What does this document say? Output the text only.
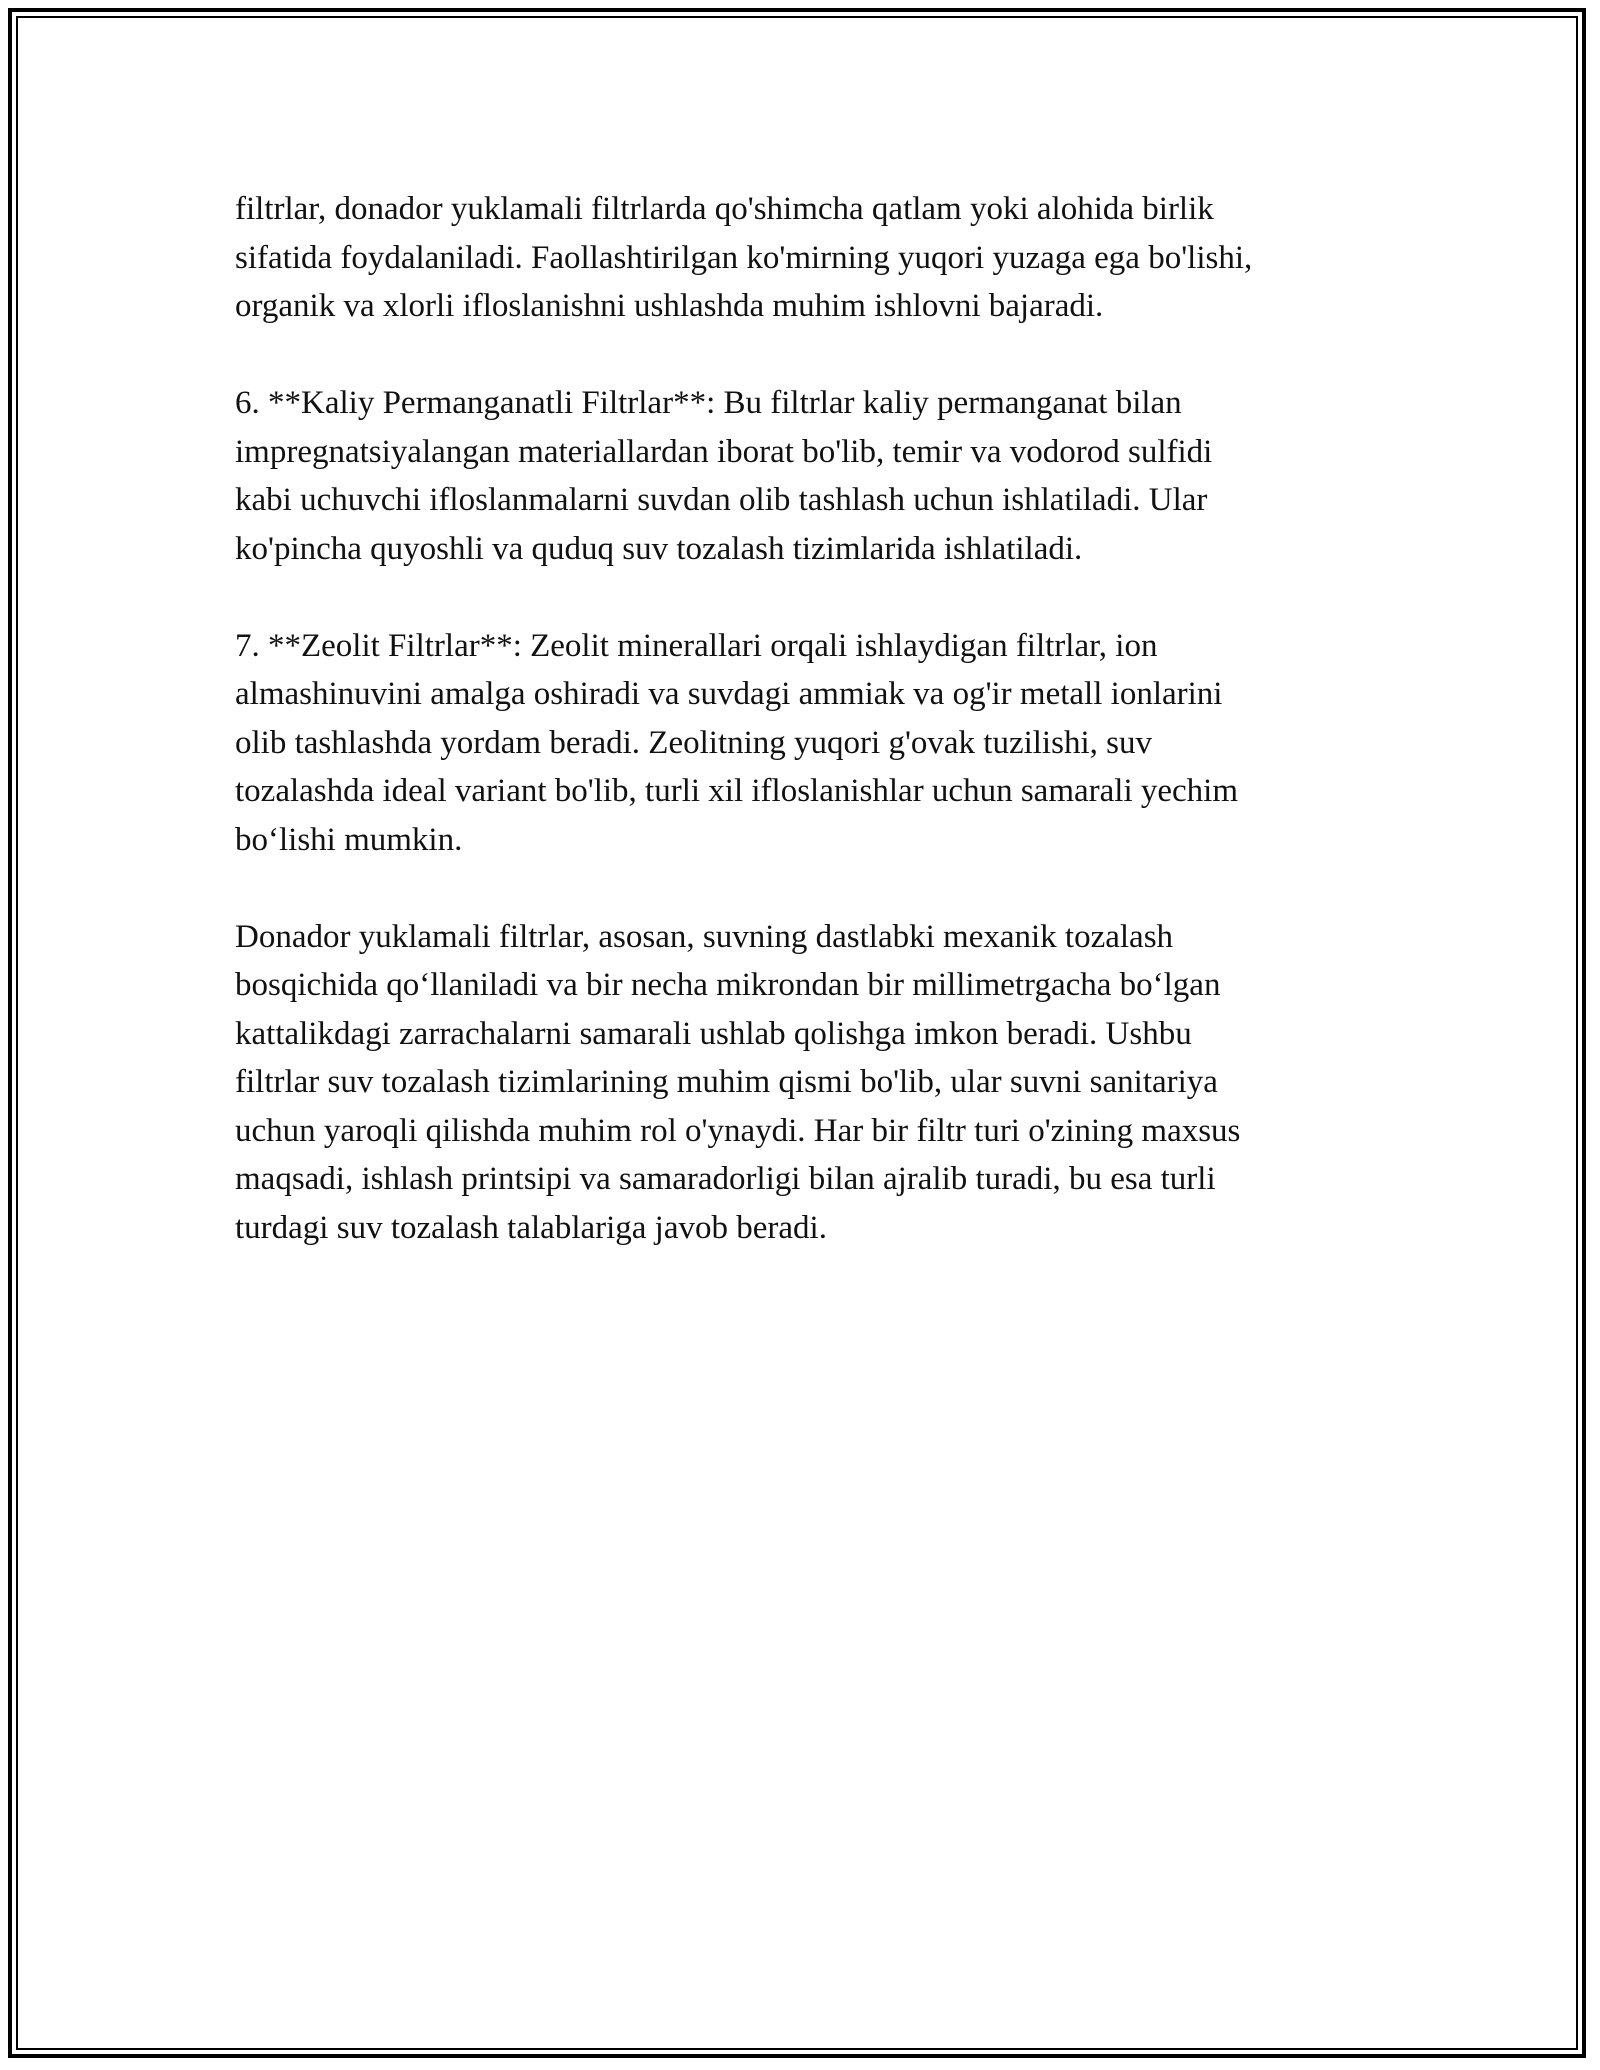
filtrlar, donador yuklamali filtrlarda qo'shimcha qatlam yoki alohida birlik
sifatida foydalaniladi. Faollashtirilgan ko'mirning yuqori yuzaga ega bo'lishi,
organik va xlorli ifloslanishni ushlashda muhim ishlovni bajaradi.

6. **Kaliy Permanganatli Filtrlar**: Bu filtrlar kaliy permanganat bilan
impregnatsiyalangan materiallardan iborat bo'lib, temir va vodorod sulfidi
kabi uchuvchi ifloslanmalarni suvdan olib tashlash uchun ishlatiladi. Ular
ko'pincha quyoshli va quduq suv tozalash tizimlarida ishlatiladi.

7. **Zeolit Filtrlar**: Zeolit minerallari orqali ishlaydigan filtrlar, ion
almashinuvini amalga oshiradi va suvdagi ammiak va og'ir metall ionlarini
olib tashlashda yordam beradi. Zeolitning yuqori g'ovak tuzilishi, suv
tozalashda ideal variant bo'lib, turli xil ifloslanishlar uchun samarali yechim
bo‘lishi mumkin.

Donador yuklamali filtrlar, asosan, suvning dastlabki mexanik tozalash
bosqichida qo‘llaniladi va bir necha mikrondan bir millimetrgacha bo‘lgan
kattalikdagi zarrachalarni samarali ushlab qolishga imkon beradi. Ushbu
filtrlar suv tozalash tizimlarining muhim qismi bo'lib, ular suvni sanitariya
uchun yaroqli qilishda muhim rol o'ynaydi. Har bir filtr turi o'zining maxsus
maqsadi, ishlash printsipi va samaradorligi bilan ajralib turadi, bu esa turli
turdagi suv tozalash talablariga javob beradi.
